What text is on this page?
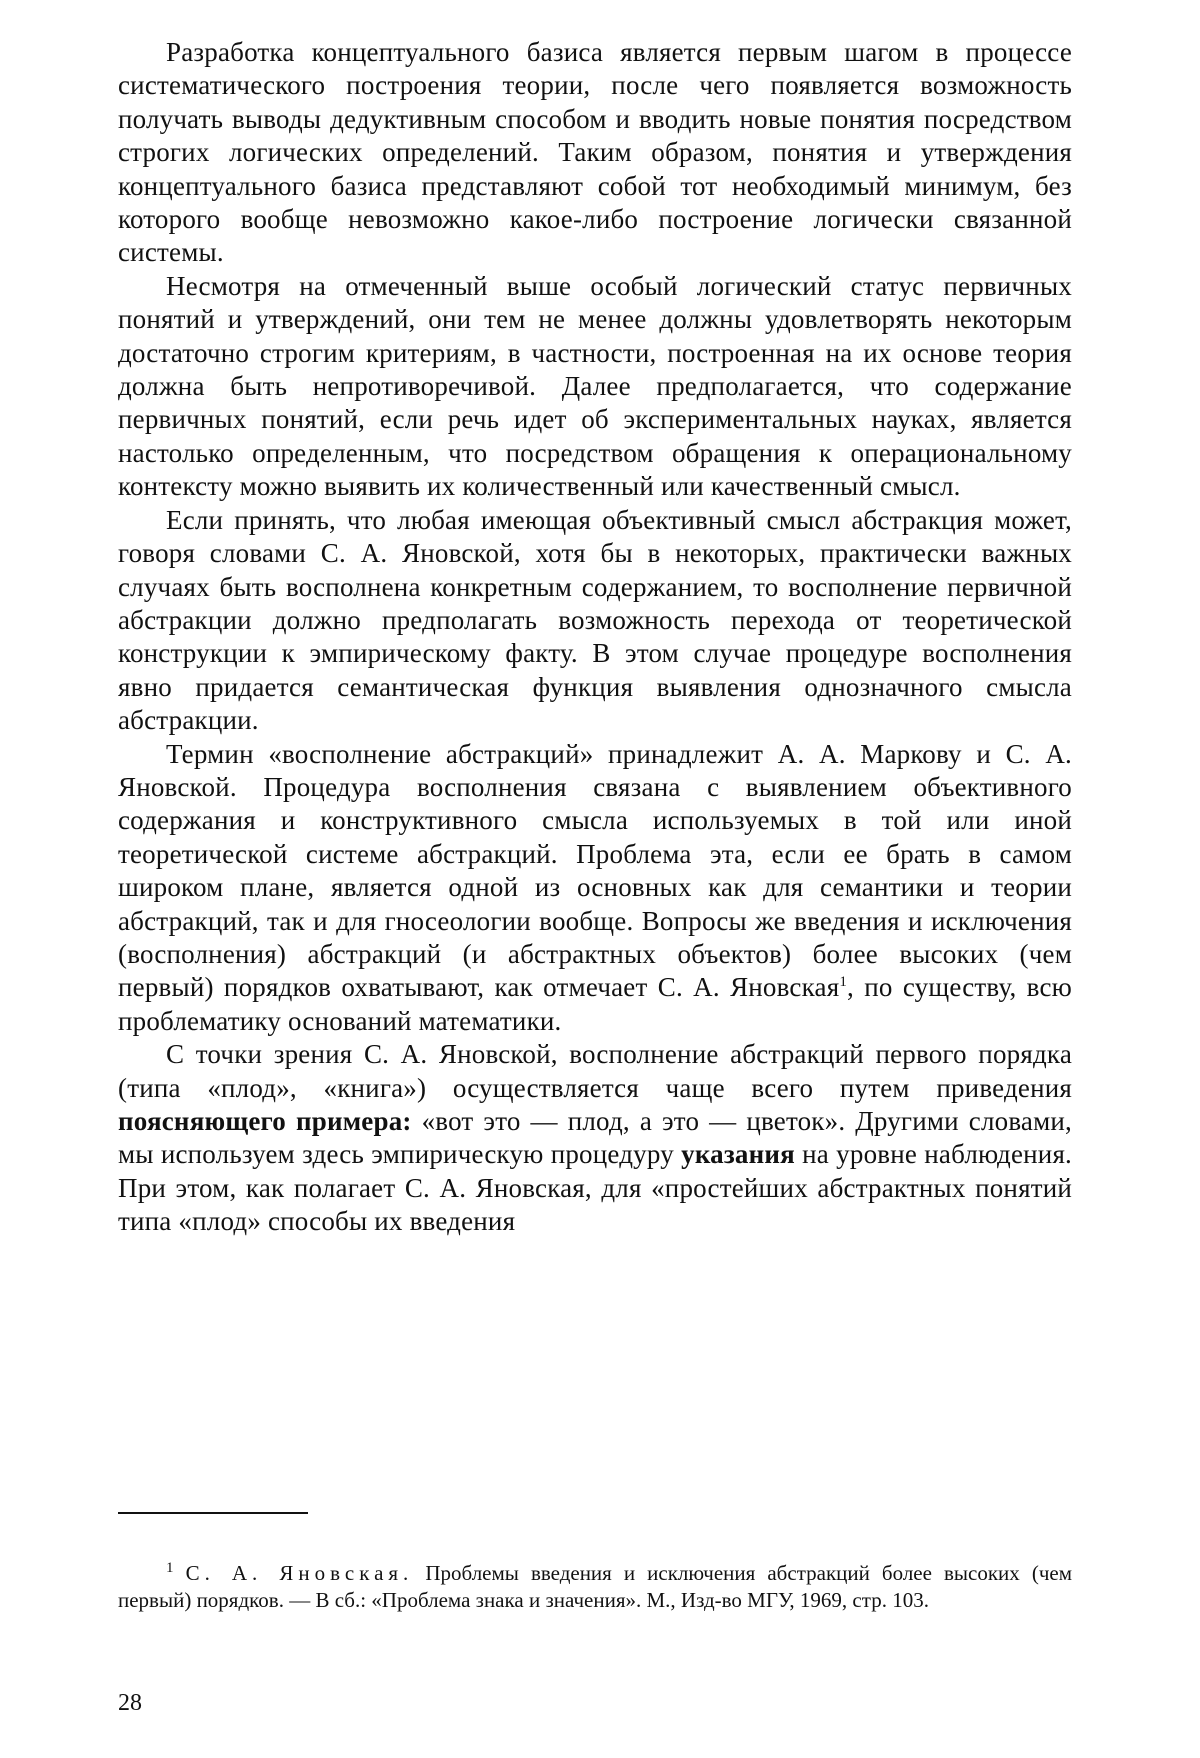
Разработка концептуального базиса является первым шагом в процессе систематического построения теории, после чего появляется возможность получать выводы дедуктивным способом и вводить новые понятия посредством строгих логических определений. Таким образом, понятия и утверждения концептуального базиса представляют собой тот необходимый минимум, без которого вообще невозможно какое-либо построение логически связанной системы.

Несмотря на отмеченный выше особый логический статус первичных понятий и утверждений, они тем не менее должны удовлетворять некоторым достаточно строгим критериям, в частности, построенная на их основе теория должна быть непротиворечивой. Далее предполагается, что содержание первичных понятий, если речь идет об экспериментальных науках, является настолько определенным, что посредством обращения к операциональному контексту можно выявить их количественный или качественный смысл.

Если принять, что любая имеющая объективный смысл абстракция может, говоря словами С. А. Яновской, хотя бы в некоторых, практически важных случаях быть восполнена конкретным содержанием, то восполнение первичной абстракции должно предполагать возможность перехода от теоретической конструкции к эмпирическому факту. В этом случае процедуре восполнения явно придается семантическая функция выявления однозначного смысла абстракции.

Термин «восполнение абстракций» принадлежит А. А. Маркову и С. А. Яновской. Процедура восполнения связана с выявлением объективного содержания и конструктивного смысла используемых в той или иной теоретической системе абстракций. Проблема эта, если ее брать в самом широком плане, является одной из основных как для семантики и теории абстракций, так и для гносеологии вообще. Вопросы же введения и исключения (восполнения) абстракций (и абстрактных объектов) более высоких (чем первый) порядков охватывают, как отмечает С. А. Яновская$^1$, по существу, всю проблематику оснований математики.

С точки зрения С. А. Яновской, восполнение абстракций первого порядка (типа «плод», «книга») осуществляется чаще всего путем приведения поясняющего примера: «вот это — плод, а это — цветок». Другими словами, мы используем здесь эмпирическую процедуру указания на уровне наблюдения. При этом, как полагает С. А. Яновская, для «простейших абстрактных понятий типа «плод» способы их введения

$^1$ С. А. Яновская. Проблемы введения и исключения абстракций более высоких (чем первый) порядков. — В сб.: «Проблема знака и значения». М., Изд-во МГУ, 1969, стр. 103.

28
